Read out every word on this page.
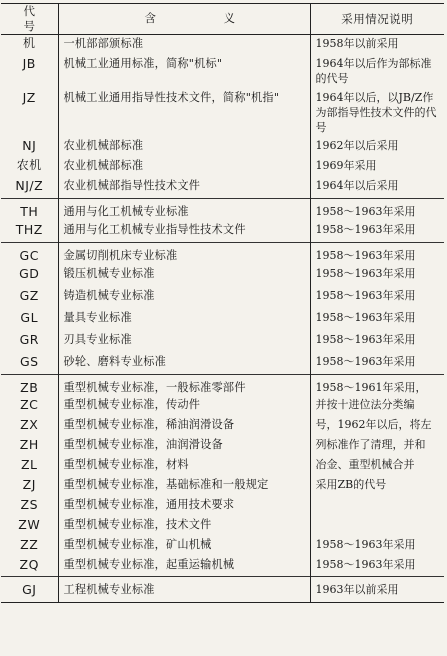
代 号	含 义	采用情况说明
机	一机部部颁标准	1958年以前采用
JB	机械工业通用标准，简称"机标"	1964年以后作为部标准的代号
JZ	机械工业通用指导性技术文件，简称"机指"	1964年以后，以JB/Z作为部指导性技术文件的代号
NJ	农业机械部标准	1962年以后采用
农机	农业机械部标准	1969年采用
NJ/Z	农业机械部指导性技术文件	1964年以后采用
TH	通用与化工机械专业标准	1958～1963年采用
THZ	通用与化工机械专业指导性技术文件	1958～1963年采用
GC	金属切削机床专业标准	1958～1963年采用
GD	锻压机械专业标准	1958～1963年采用
GZ	铸造机械专业标准	1958～1963年采用
GL	量具专业标准	1958～1963年采用
GR	刃具专业标准	1958～1963年采用
GS	砂轮、磨料专业标准	1958～1963年采用
ZB	重型机械专业标准，一般标准零部件	1958～1961年采用，
ZC	重型机械专业标准，传动件	并按十进位法分类编
ZX	重型机械专业标准，稀油润滑设备	号，1962年以后，将左
ZH	重型机械专业标准，油润滑设备	列标准作了清理，并和
ZL	重型机械专业标准，材料	冶金、重型机械合并
ZJ	重型机械专业标准，基础标准和一般规定	采用ZB的代号
ZS	重型机械专业标准，通用技术要求	
ZW	重型机械专业标准，技术文件	
ZZ	重型机械专业标准，矿山机械	1958～1963年采用
ZQ	重型机械专业标准，起重运输机械	1958～1963年采用
GJ	工程机械专业标准	1963年以前采用
